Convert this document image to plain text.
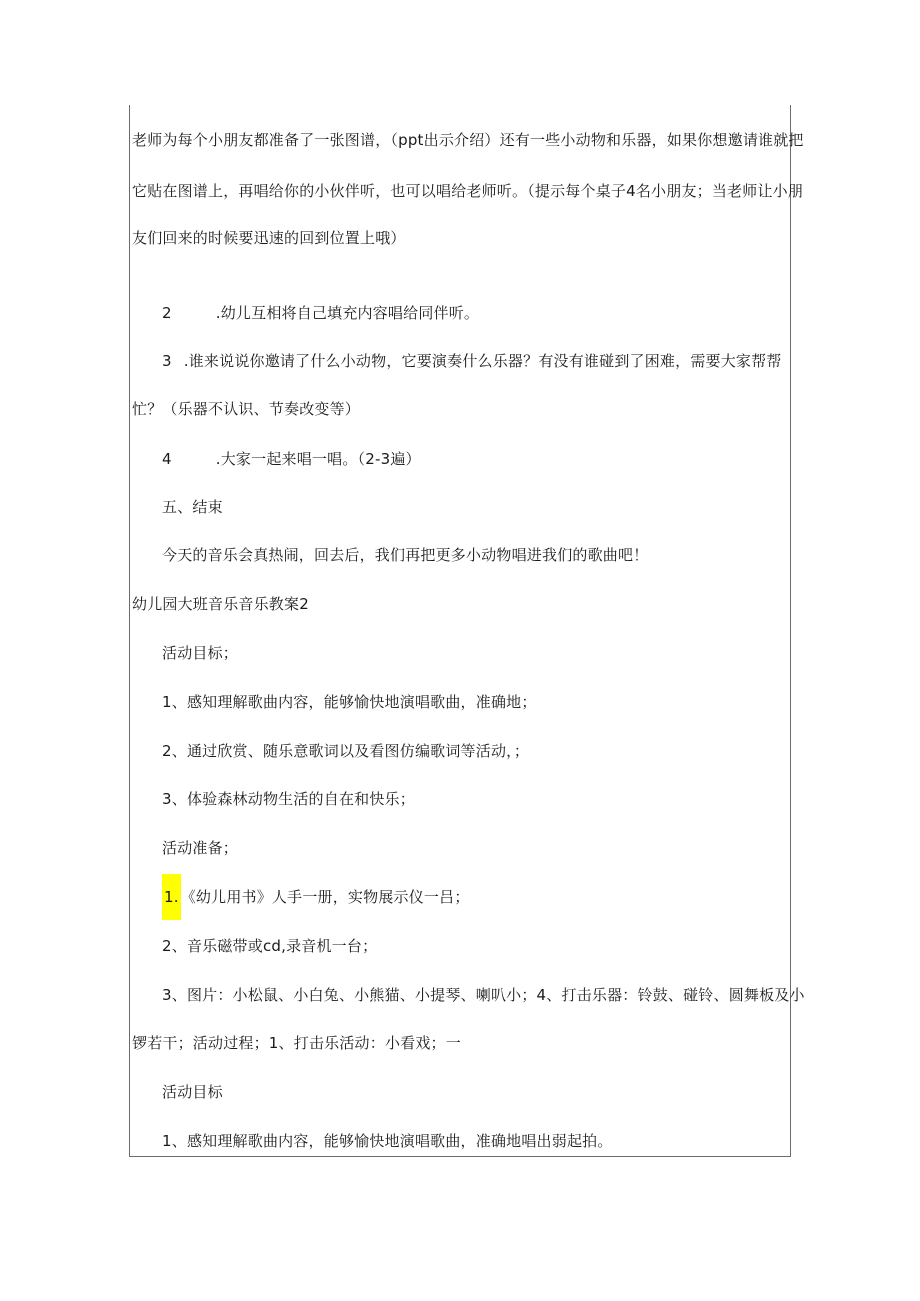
老师为每个小朋友都准备了一张图谱，（ppt出示介绍）还有一些小动物和乐器，如果你想邀请谁就把
它贴在图谱上，再唱给你的小伙伴听，也可以唱给老师听。（提示每个桌子4名小朋友；当老师让小朋
友们回来的时候要迅速的回到位置上哦）
2	.幼儿互相将自己填充内容唱给同伴听。
3 .谁来说说你邀请了什么小动物，它要演奏什么乐器？有没有谁碰到了困难，需要大家帮帮
忙？（乐器不认识、节奏改变等）
4	.大家一起来唱一唱。（2-3遍）
五、结束
今天的音乐会真热闹，回去后，我们再把更多小动物唱进我们的歌曲吧！
幼儿园大班音乐音乐教案2
活动目标；
1、感知理解歌曲内容，能够愉快地演唱歌曲，准确地；
2、通过欣赏、随乐意歌词以及看图仿编歌词等活动，；
3、体验森林动物生活的自在和快乐；
活动准备；
1. 《幼儿用书》人手一册，实物展示仪一吕；
2、音乐磁带或cd,录音机一台；
3、图片：小松鼠、小白兔、小熊猫、小提琴、喇叭小；4、打击乐器：铃鼓、碰铃、圆舞板及小
锣若干；活动过程；1、打击乐活动：小看戏；一
活动目标
1、感知理解歌曲内容，能够愉快地演唱歌曲，准确地唱出弱起拍。
